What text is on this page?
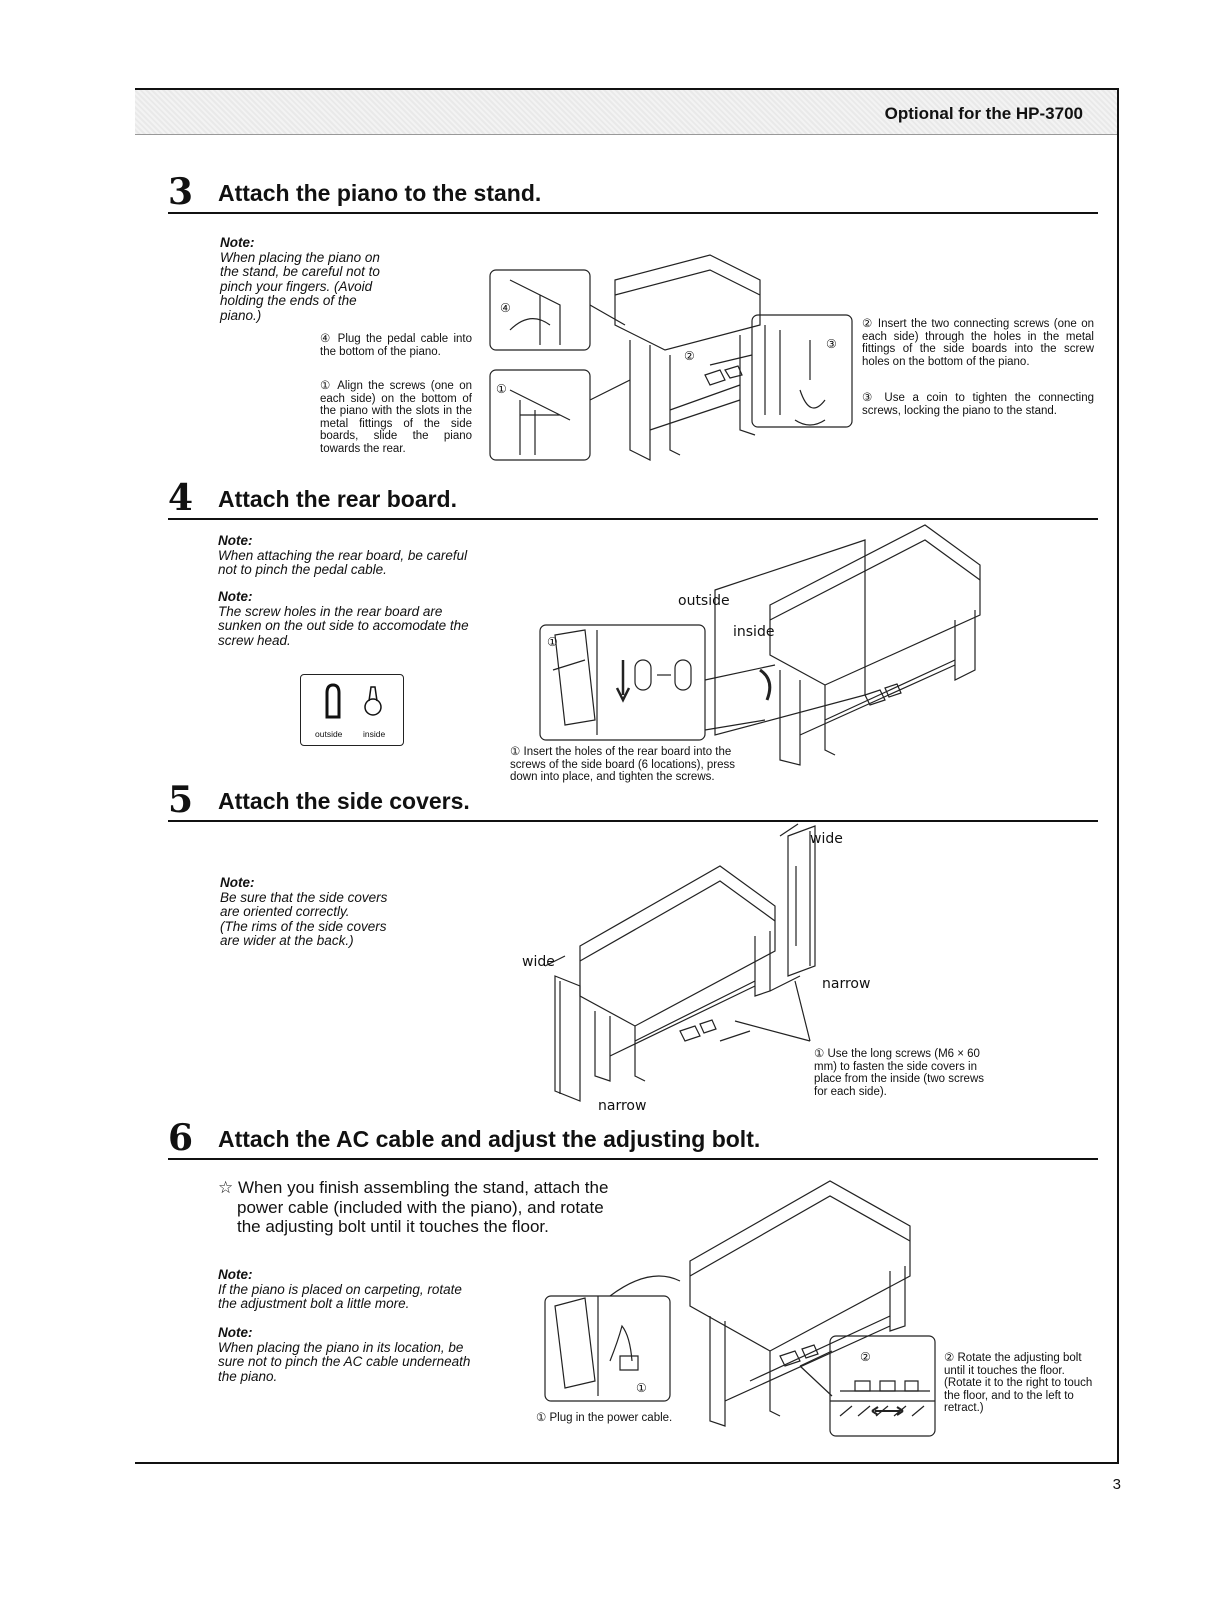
Optional for the HP-3700
3 Attach the piano to the stand.
Note:
When placing the piano on
the stand, be careful not to
pinch your fingers. (Avoid
holding the ends of the
piano.)
④ Plug the pedal cable into the bottom of the piano.
① Align the screws (one on each side) on the bottom of the piano with the slots in the metal fittings of the side boards, slide the piano towards the rear.
② Insert the two connecting screws (one on each side) through the holes in the metal fittings of the side boards into the screw holes on the bottom of the piano.
③ Use a coin to tighten the connecting screws, locking the piano to the stand.
④
①
②
③
4 Attach the rear board.
Note:
When attaching the rear board, be careful
not to pinch the pedal cable.
Note:
The screw holes in the rear board are
sunken on the out side to accomodate the
screw head.
outside inside
outside
inside
①
① Insert the holes of the rear board into the screws of the side board (6 locations), press down into place, and tighten the screws.
5 Attach the side covers.
Note:
Be sure that the side covers
are oriented correctly.
(The rims of the side covers
are wider at the back.)
wide
narrow
wide
narrow
① Use the long screws (M6 × 60 mm) to fasten the side covers in place from the inside (two screws for each side).
6 Attach the AC cable and adjust the adjusting bolt.
☆ When you finish assembling the stand, attach the
power cable (included with the piano), and rotate
the adjusting bolt until it touches the floor.
Note:
If the piano is placed on carpeting, rotate
the adjustment bolt a little more.
Note:
When placing the piano in its location, be
sure not to pinch the AC cable underneath
the piano.
①
②
① Plug in the power cable.
② Rotate the adjusting bolt until it touches the floor. (Rotate it to the right to touch the floor, and to the left to retract.)
3
